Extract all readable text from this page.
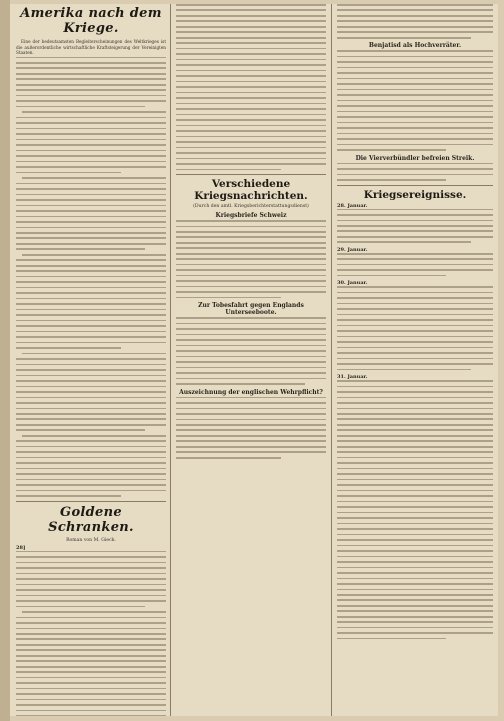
Amerika nach dem Kriege.

Eine der bedeutsamsten Begleiterscheinungen des Weltkrieges ist die außerordentliche wirtschaftliche Kraftsteigerung der Vereinigten Staaten.

Goldene Schranken.
Roman von M. Gieck.
28]
Verschiedene Kriegsnachrichten.
(Durch den amtl. Kriegsberichterstattungsdienst)
Kriegsbriefe Schweiz
Zur Tobesfahrt gegen Englands Unterseeboote.
Auszeichnung der englischen Wehrpflicht?
Benjatisd als Hochverräter.
Die Vierverbündler befreien Streik.
Kriegsereignisse.
28. Januar.
29. Januar.
30. Januar.
31. Januar.
